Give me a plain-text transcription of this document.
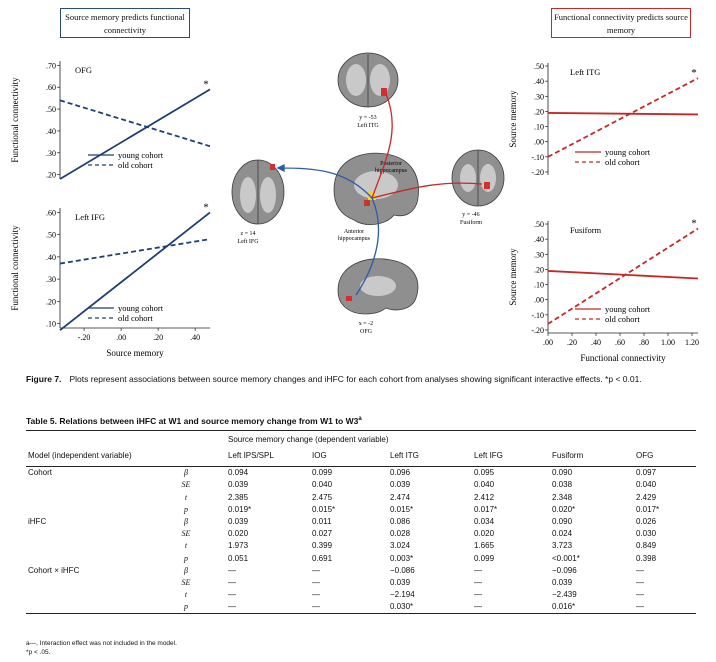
Source memory predicts functional connectivity
Functional connectivity predicts source memory
.20
.30
.40
.50
.60
.70
Functional connectivity
OFG
*
young cohort
old cohort
-.20	.00	.20	.40
.10
.20
.30
.40
.50
.60
Functional connectivity
Source memory
Left IFG
*
young cohort
old cohort
-.20
-.10
.00
.10
.20
.30
.40
.50
Source memory
Left ITG	*
young cohort
old cohort
.00 .20 .40 .60 .80 1.00 1.20
-.20
-.10
.00
.10
.20
.30
.40
.50
Source memory
Functional connectivity
Fusiform
*
young cohort
old cohort
y = -53
Left ITG
z = 14
Left IFG
Posterior
hippocampus
Anterior
hippocampus
y = -46
Fusiform
x = -2
OFG
Figure 7. Plots represent associations between source memory changes and iHFC for each cohort from analyses showing significant interactive effects. *p < 0.01.
Table 5. Relations between iHFC at W1 and source memory change from W1 to W3$^a$
		Source memory change (dependent variable)					
Model (independent variable)		Left IPS/SPL	IOG	Left ITG	Left IFG	Fusiform	OFG
Cohort	β	0.094	0.099	0.096	0.095	0.090	0.097
	SE	0.039	0.040	0.039	0.040	0.038	0.040
	t	2.385	2.475	2.474	2.412	2.348	2.429
	p	0.019*	0.015*	0.015*	0.017*	0.020*	0.017*
iHFC	β	0.039	0.011	0.086	0.034	0.090	0.026
	SE	0.020	0.027	0.028	0.020	0.024	0.030
	t	1.973	0.399	3.024	1.665	3.723	0.849
	p	0.051	0.691	0.003*	0.099	<0.001*	0.398
Cohort × iHFC	β	—	—	−0.086	—	−0.096	—
	SE	—	—	0.039	—	0.039	—
	t	—	—	−2.194	—	−2.439	—
	p	—	—	0.030*	—	0.016*	—
a—, Interaction effect was not included in the model.
*p < .05.
